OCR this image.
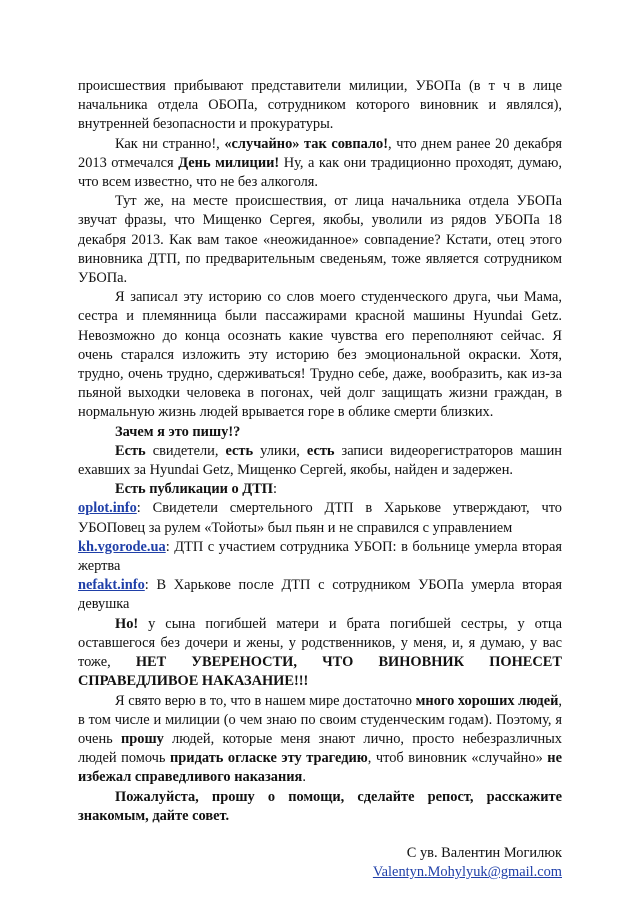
происшествия прибывают представители милиции, УБОПа (в т ч в лице начальника отдела ОБОПа, сотрудником которого виновник и являлся), внутренней безопасности и прокуратуры.

Как ни странно!, «случайно» так совпало!, что днем ранее 20 декабря 2013 отмечался День милиции! Ну, а как они традиционно проходят, думаю, что всем известно, что не без алкоголя.

Тут же, на месте происшествия, от лица начальника отдела УБОПа звучат фразы, что Мищенко Сергея, якобы, уволили из рядов УБОПа 18 декабря 2013. Как вам такое «неожиданное» совпадение? Кстати, отец этого виновника ДТП, по предварительным сведеньям, тоже является сотрудником УБОПа.

Я записал эту историю со слов моего студенческого друга, чьи Мама, сестра и племянница были пассажирами красной машины Hyundai Getz. Невозможно до конца осознать какие чувства его переполняют сейчас. Я очень старался изложить эту историю без эмоциональной окраски. Хотя, трудно, очень трудно, сдерживаться! Трудно себе, даже, вообразить, как из-за пьяной выходки человека в погонах, чей долг защищать жизни граждан, в нормальную жизнь людей врывается горе в облике смерти близких.

Зачем я это пишу!?

Есть свидетели, есть улики, есть записи видеорегистраторов машин ехавших за Hyundai Getz, Мищенко Сергей, якобы, найден и задержен.

Есть публикации о ДТП:

oplot.info: Свидетели смертельного ДТП в Харькове утверждают, что УБОПовец за рулем «Тойоты» был пьян и не справился с управлением

kh.vgorode.ua: ДТП с участием сотрудника УБОП: в больнице умерла вторая жертва

nefakt.info: В Харькове после ДТП с сотрудником УБОПа умерла вторая девушка

Но! у сына погибшей матери и брата погибшей сестры, у отца оставшегося без дочери и жены, у родственников, у меня, и, я думаю, у вас тоже, НЕТ УВЕРЕНОСТИ, ЧТО ВИНОВНИК ПОНЕСЕТ СПРАВЕДЛИВОЕ НАКАЗАНИЕ!!!

Я свято верю в то, что в нашем мире достаточно много хороших людей, в том числе и милиции (о чем знаю по своим студенческим годам). Поэтому, я очень прошу людей, которые меня знают лично, просто небезразличных людей помочь придать огласке эту трагедию, чтоб виновник «случайно» не избежал справедливого наказания.

Пожалуйста, прошу о помощи, сделайте репост, расскажите знакомым, дайте совет.

С ув. Валентин Могилюк
Valentyn.Mohylyuk@gmail.com
